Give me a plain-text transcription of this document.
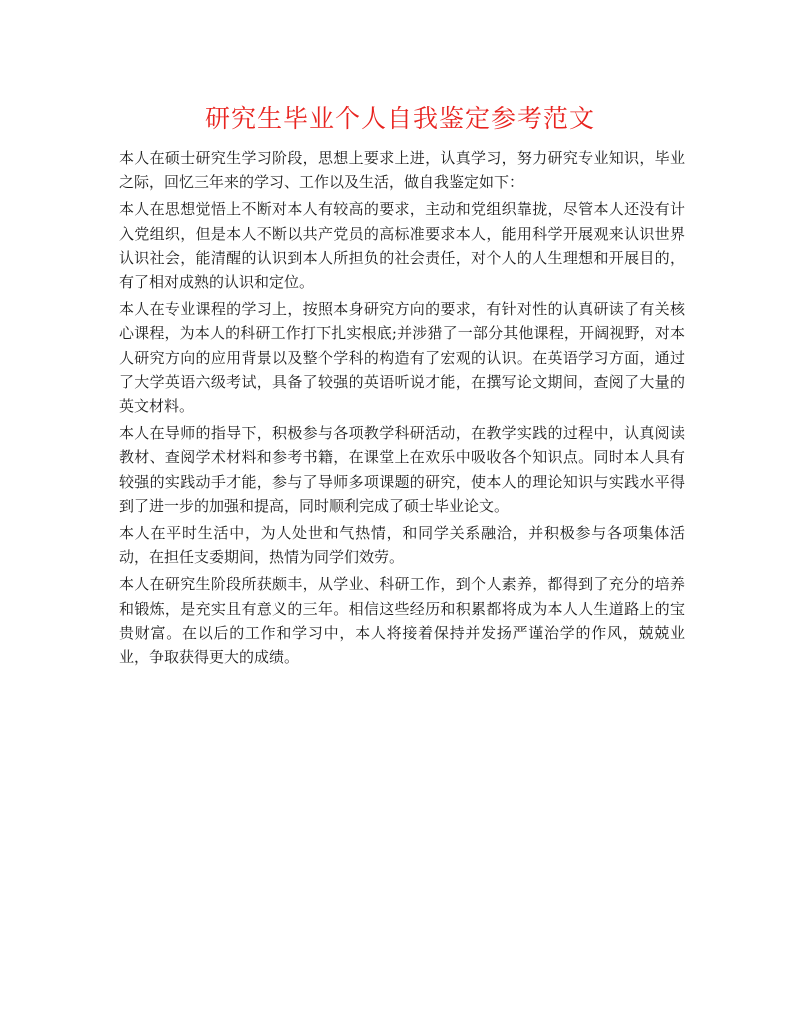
研究生毕业个人自我鉴定参考范文

本人在硕士研究生学习阶段，思想上要求上进，认真学习，努力研究专业知识，毕业之际，回忆三年来的学习、工作以及生活，做自我鉴定如下：

本人在思想觉悟上不断对本人有较高的要求，主动和党组织靠拢，尽管本人还没有计入党组织，但是本人不断以共产党员的高标准要求本人，能用科学开展观来认识世界认识社会，能清醒的认识到本人所担负的社会责任，对个人的人生理想和开展目的，有了相对成熟的认识和定位。

本人在专业课程的学习上，按照本身研究方向的要求，有针对性的认真研读了有关核心课程，为本人的科研工作打下扎实根底;并涉猎了一部分其他课程，开阔视野，对本人研究方向的应用背景以及整个学科的构造有了宏观的认识。在英语学习方面，通过了大学英语六级考试，具备了较强的英语听说才能，在撰写论文期间，查阅了大量的英文材料。

本人在导师的指导下，积极参与各项教学科研活动，在教学实践的过程中，认真阅读教材、查阅学术材料和参考书籍，在课堂上在欢乐中吸收各个知识点。同时本人具有较强的实践动手才能，参与了导师多项课题的研究，使本人的理论知识与实践水平得到了进一步的加强和提高，同时顺利完成了硕士毕业论文。

本人在平时生活中，为人处世和气热情，和同学关系融洽，并积极参与各项集体活动，在担任支委期间，热情为同学们效劳。

本人在研究生阶段所获颇丰，从学业、科研工作，到个人素养，都得到了充分的培养和锻炼，是充实且有意义的三年。相信这些经历和积累都将成为本人人生道路上的宝贵财富。在以后的工作和学习中，本人将接着保持并发扬严谨治学的作风，兢兢业业，争取获得更大的成绩。
